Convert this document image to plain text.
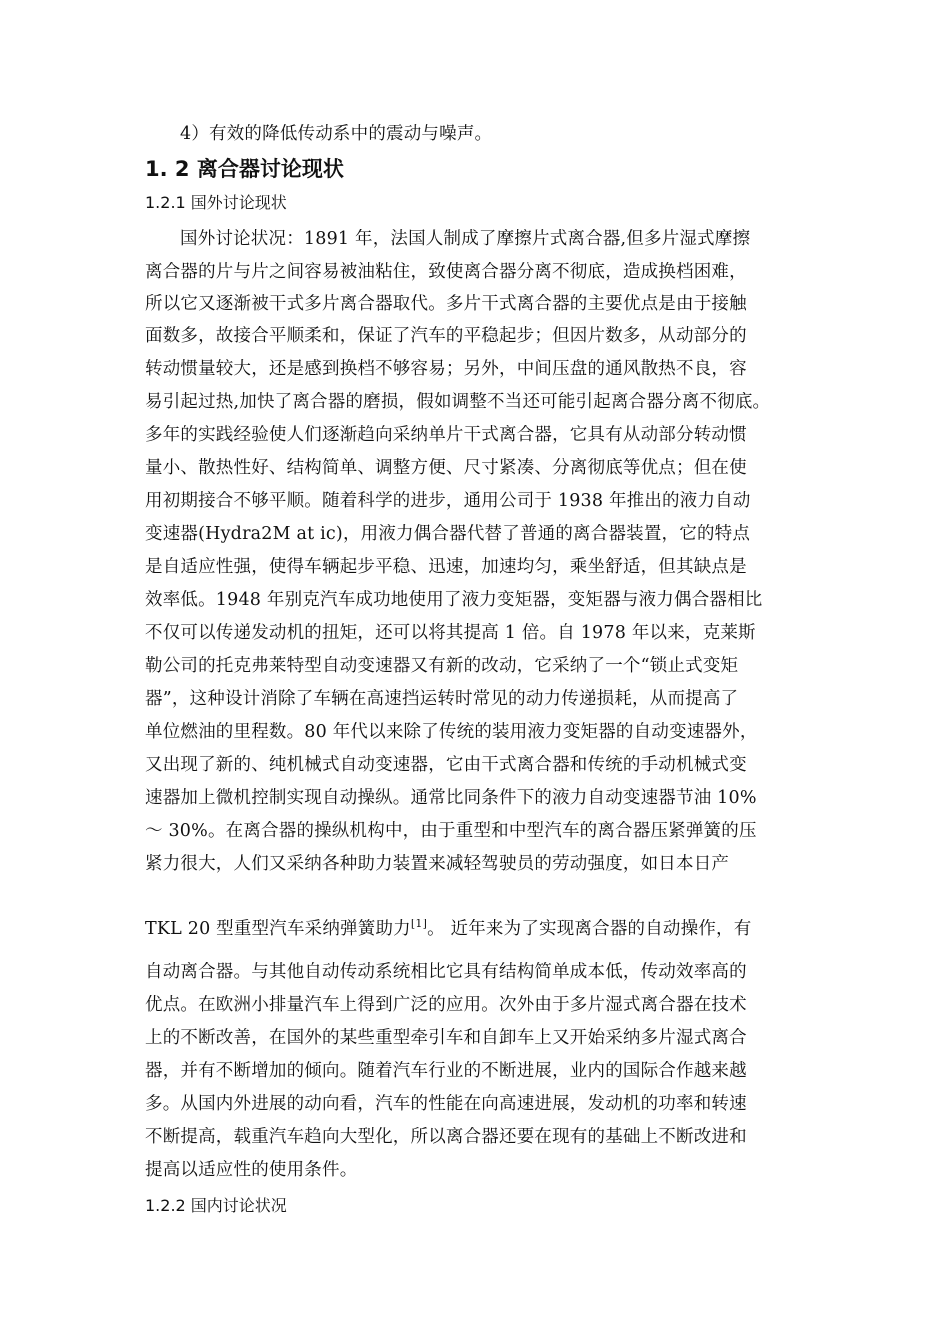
4）有效的降低传动系中的震动与噪声。
1. 2 离合器讨论现状
1.2.1 国外讨论现状
国外讨论状况：1891 年，法国人制成了摩擦片式离合器,但多片湿式摩擦
离合器的片与片之间容易被油粘住，致使离合器分离不彻底，造成换档困难，
所以它又逐渐被干式多片离合器取代。多片干式离合器的主要优点是由于接触
面数多，故接合平顺柔和，保证了汽车的平稳起步；但因片数多，从动部分的
转动惯量较大，还是感到换档不够容易；另外，中间压盘的通风散热不良，容
易引起过热,加快了离合器的磨损，假如调整不当还可能引起离合器分离不彻底。
多年的实践经验使人们逐渐趋向采纳单片干式离合器，它具有从动部分转动惯
量小、散热性好、结构简单、调整方便、尺寸紧凑、分离彻底等优点；但在使
用初期接合不够平顺。随着科学的进步，通用公司于 1938 年推出的液力自动
变速器(Hydra2M at ic)，用液力偶合器代替了普通的离合器装置，它的特点
是自适应性强，使得车辆起步平稳、迅速，加速均匀，乘坐舒适，但其缺点是
效率低。1948 年别克汽车成功地使用了液力变矩器，变矩器与液力偶合器相比
不仅可以传递发动机的扭矩，还可以将其提高 1 倍。自 1978 年以来，克莱斯
勒公司的托克弗莱特型自动变速器又有新的改动，它采纳了一个“锁止式变矩
器”，这种设计消除了车辆在高速挡运转时常见的动力传递损耗，从而提高了
单位燃油的里程数。80 年代以来除了传统的装用液力变矩器的自动变速器外，
又出现了新的、纯机械式自动变速器，它由干式离合器和传统的手动机械式变
速器加上微机控制实现自动操纵。通常比同条件下的液力自动变速器节油 10%
～ 30%。在离合器的操纵机构中，由于重型和中型汽车的离合器压紧弹簧的压
紧力很大，人们又采纳各种助力装置来减轻驾驶员的劳动强度，如日本日产
TKL 20 型重型汽车采纳弹簧助力[1]。 近年来为了实现离合器的自动操作，有
自动离合器。与其他自动传动系统相比它具有结构简单成本低，传动效率高的
优点。在欧洲小排量汽车上得到广泛的应用。次外由于多片湿式离合器在技术
上的不断改善，在国外的某些重型牵引车和自卸车上又开始采纳多片湿式离合
器，并有不断增加的倾向。随着汽车行业的不断进展，业内的国际合作越来越
多。从国内外进展的动向看，汽车的性能在向高速进展，发动机的功率和转速
不断提高，载重汽车趋向大型化，所以离合器还要在现有的基础上不断改进和
提高以适应性的使用条件。
1.2.2 国内讨论状况
